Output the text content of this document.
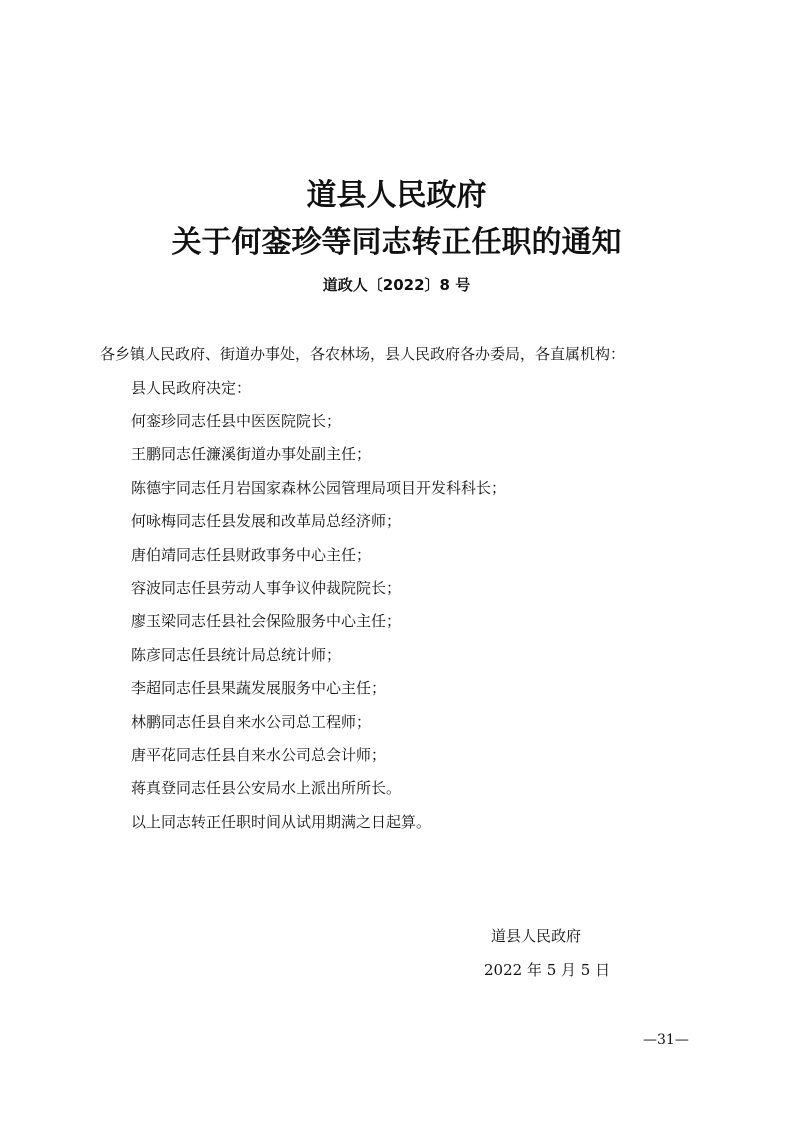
道县人民政府
关于何銮珍等同志转正任职的通知
道政人〔2022〕8 号
各乡镇人民政府、街道办事处，各农林场，县人民政府各办委局，各直属机构：
县人民政府决定：
何銮珍同志任县中医医院院长；
王鹏同志任濂溪街道办事处副主任；
陈德宇同志任月岩国家森林公园管理局项目开发科科长；
何咏梅同志任县发展和改革局总经济师；
唐伯靖同志任县财政事务中心主任；
容波同志任县劳动人事争议仲裁院院长；
廖玉梁同志任县社会保险服务中心主任；
陈彦同志任县统计局总统计师；
李超同志任县果蔬发展服务中心主任；
林鹏同志任县自来水公司总工程师；
唐平花同志任县自来水公司总会计师；
蒋真登同志任县公安局水上派出所所长。
以上同志转正任职时间从试用期满之日起算。
道县人民政府
2022 年 5 月 5 日
—31—
